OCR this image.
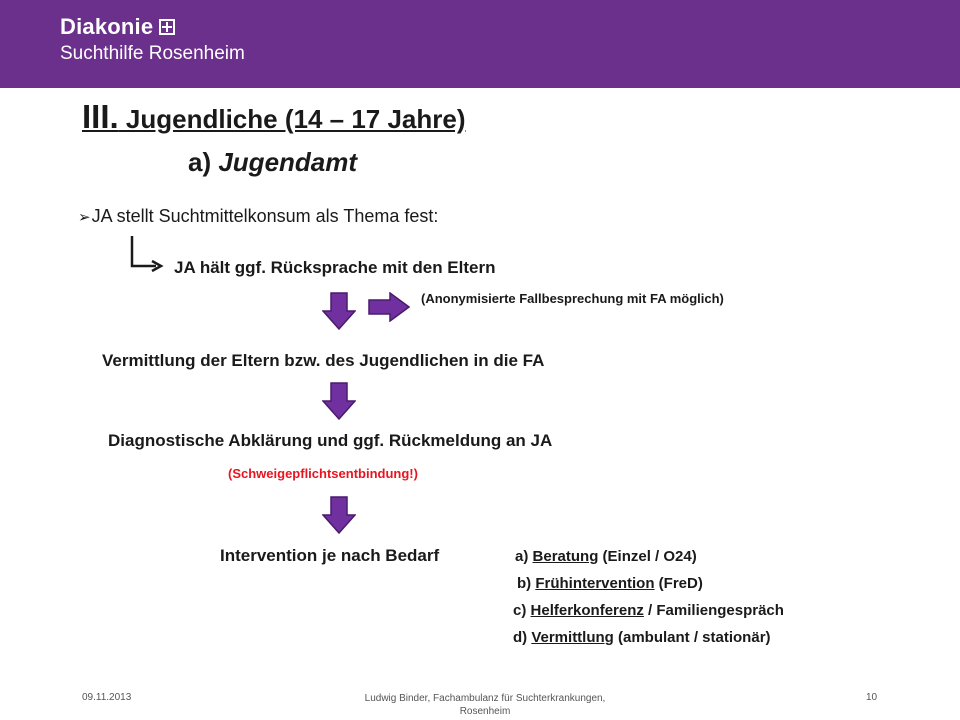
Diakonie
Suchthilfe Rosenheim
III. Jugendliche (14 – 17 Jahre)
a) Jugendamt
➢JA stellt Suchtmittelkonsum als Thema fest:
JA hält ggf. Rücksprache mit den Eltern
(Anonymisierte Fallbesprechung mit FA möglich)
Vermittlung der Eltern bzw. des Jugendlichen in die FA
Diagnostische Abklärung und ggf. Rückmeldung an JA
(Schweigepflichtsentbindung!)
Intervention je nach Bedarf	a) Beratung (Einzel / O24)
b) Frühintervention (FreD)
c) Helferkonferenz / Familiengespräch
d) Vermittlung (ambulant / stationär)
09.11.2013	Ludwig Binder, Fachambulanz für Suchterkrankungen,
Rosenheim
10
